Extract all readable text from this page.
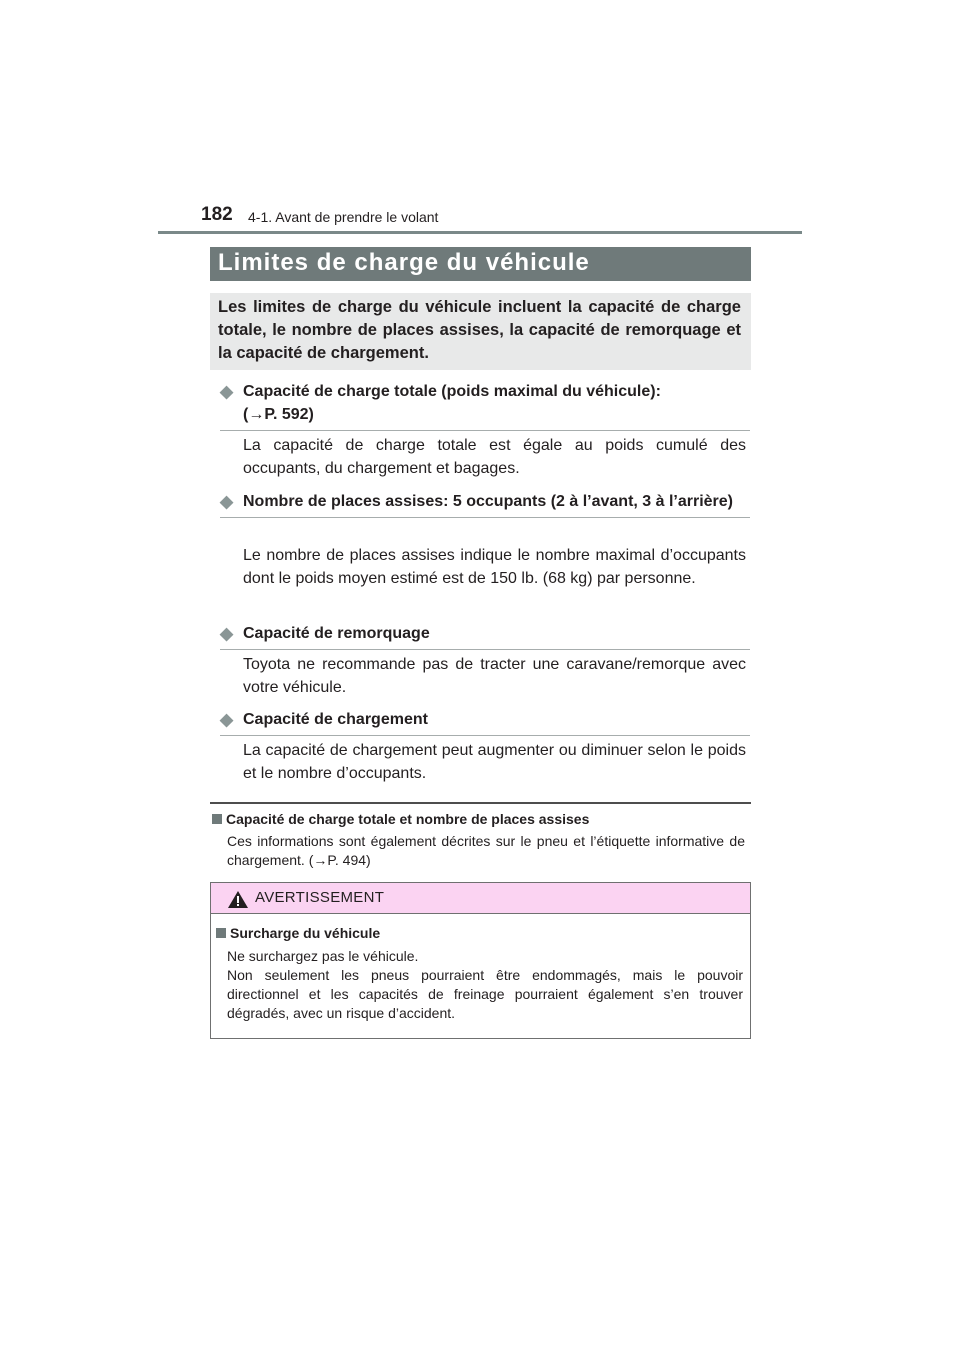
182 4-1. Avant de prendre le volant
Limites de charge du véhicule
Les limites de charge du véhicule incluent la capacité de charge totale, le nombre de places assises, la capacité de remorquage et la capacité de chargement.
◆ Capacité de charge totale (poids maximal du véhicule):
(→P. 592)
La capacité de charge totale est égale au poids cumulé des occupants, du chargement et bagages.
◆ Nombre de places assises: 5 occupants (2 à l’avant, 3 à l’arrière)
Le nombre de places assises indique le nombre maximal d’occupants dont le poids moyen estimé est de 150 lb. (68 kg) par personne.
◆ Capacité de remorquage
Toyota ne recommande pas de tracter une caravane/remorque avec votre véhicule.
◆ Capacité de chargement
La capacité de chargement peut augmenter ou diminuer selon le poids et le nombre d’occupants.
Capacité de charge totale et nombre de places assises
Ces informations sont également décrites sur le pneu et l’étiquette informative de chargement. (→P. 494)
AVERTISSEMENT
Surcharge du véhicule
Ne surchargez pas le véhicule.
Non seulement les pneus pourraient être endommagés, mais le pouvoir directionnel et les capacités de freinage pourraient également s’en trouver dégradés, avec un risque d’accident.
